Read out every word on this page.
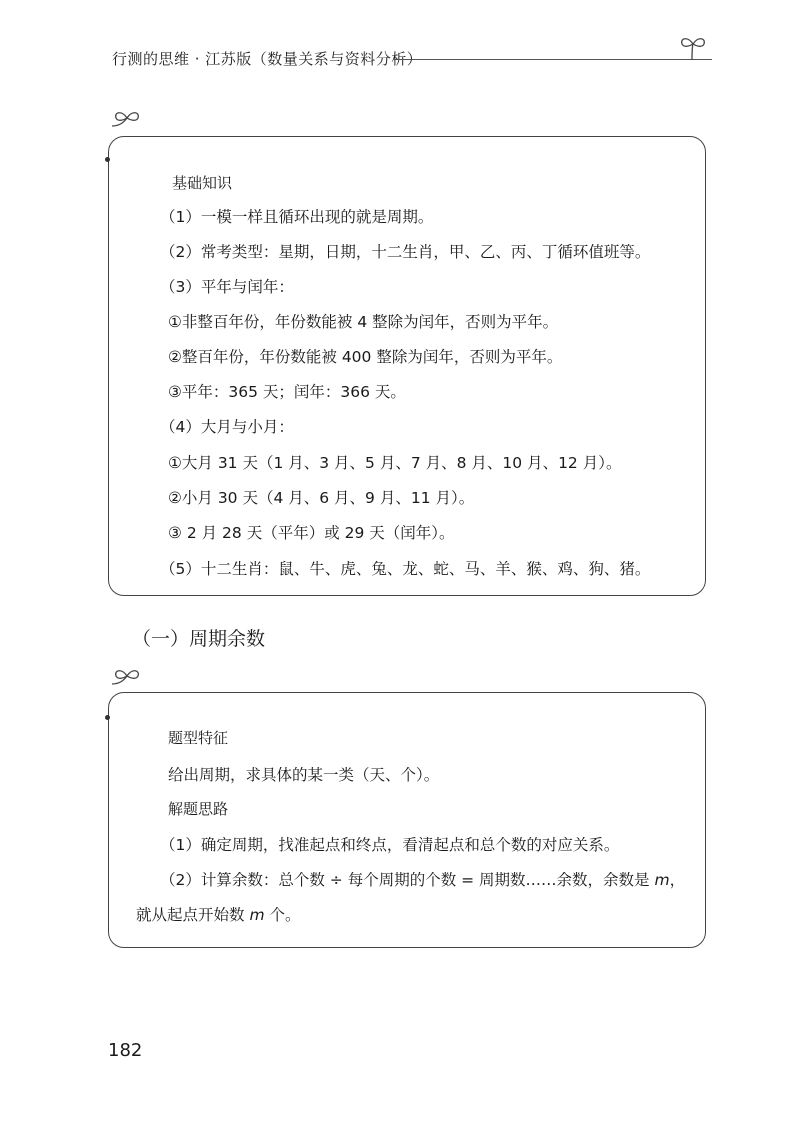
行测的思维 · 江苏版（数量关系与资料分析）
基础知识
（1）一模一样且循环出现的就是周期。
（2）常考类型：星期，日期，十二生肖，甲、乙、丙、丁循环值班等。
（3）平年与闰年：
①非整百年份，年份数能被 4 整除为闰年，否则为平年。
②整百年份，年份数能被 400 整除为闰年，否则为平年。
③平年：365 天；闰年：366 天。
（4）大月与小月：
①大月 31 天（1 月、3 月、5 月、7 月、8 月、10 月、12 月）。
②小月 30 天（4 月、6 月、9 月、11 月）。
③ 2 月 28 天（平年）或 29 天（闰年）。
（5）十二生肖：鼠、牛、虎、兔、龙、蛇、马、羊、猴、鸡、狗、猪。
（一）周期余数
题型特征
给出周期，求具体的某一类（天、个）。
解题思路
（1）确定周期，找准起点和终点，看清起点和总个数的对应关系。
（2）计算余数：总个数 ÷ 每个周期的个数 = 周期数……余数，余数是 m，
就从起点开始数 m 个。
182
